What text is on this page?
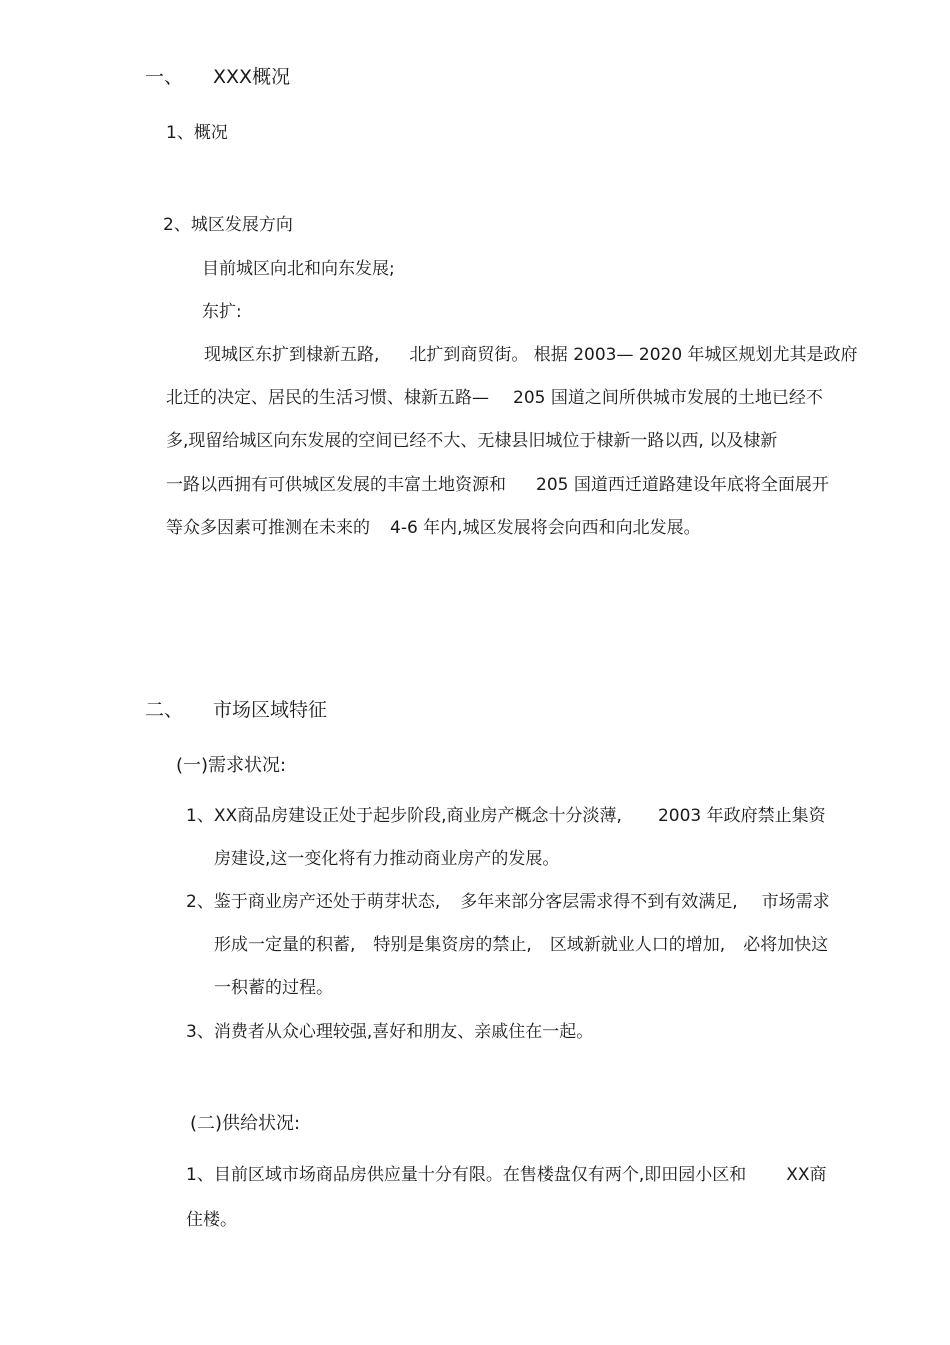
一、 XXX概况
1、概况
2、城区发展方向
目前城区向北和向东发展;
东扩:
现城区东扩到棣新五路, 北扩到商贸街。 根据 2003— 2020 年城区规划尤其是政府
北迁的决定、居民的生活习惯、棣新五路— 205 国道之间所供城市发展的土地已经不
多,现留给城区向东发展的空间已经不大、无棣县旧城位于棣新一路以西, 以及棣新
一路以西拥有可供城区发展的丰富土地资源和 205 国道西迁道路建设年底将全面展开
等众多因素可推测在未来的 4-6 年内,城区发展将会向西和向北发展。
二、 市场区域特征
(一)需求状况:
1、XX商品房建设正处于起步阶段,商业房产概念十分淡薄, 2003 年政府禁止集资
房建设,这一变化将有力推动商业房产的发展。
2、鉴于商业房产还处于萌芽状态, 多年来部分客层需求得不到有效满足, 市场需求
形成一定量的积蓄, 特别是集资房的禁止, 区域新就业人口的增加, 必将加快这
一积蓄的过程。
3、消费者从众心理较强,喜好和朋友、亲戚住在一起。
(二)供给状况:
1、目前区域市场商品房供应量十分有限。在售楼盘仅有两个,即田园小区和 XX商
住楼。
